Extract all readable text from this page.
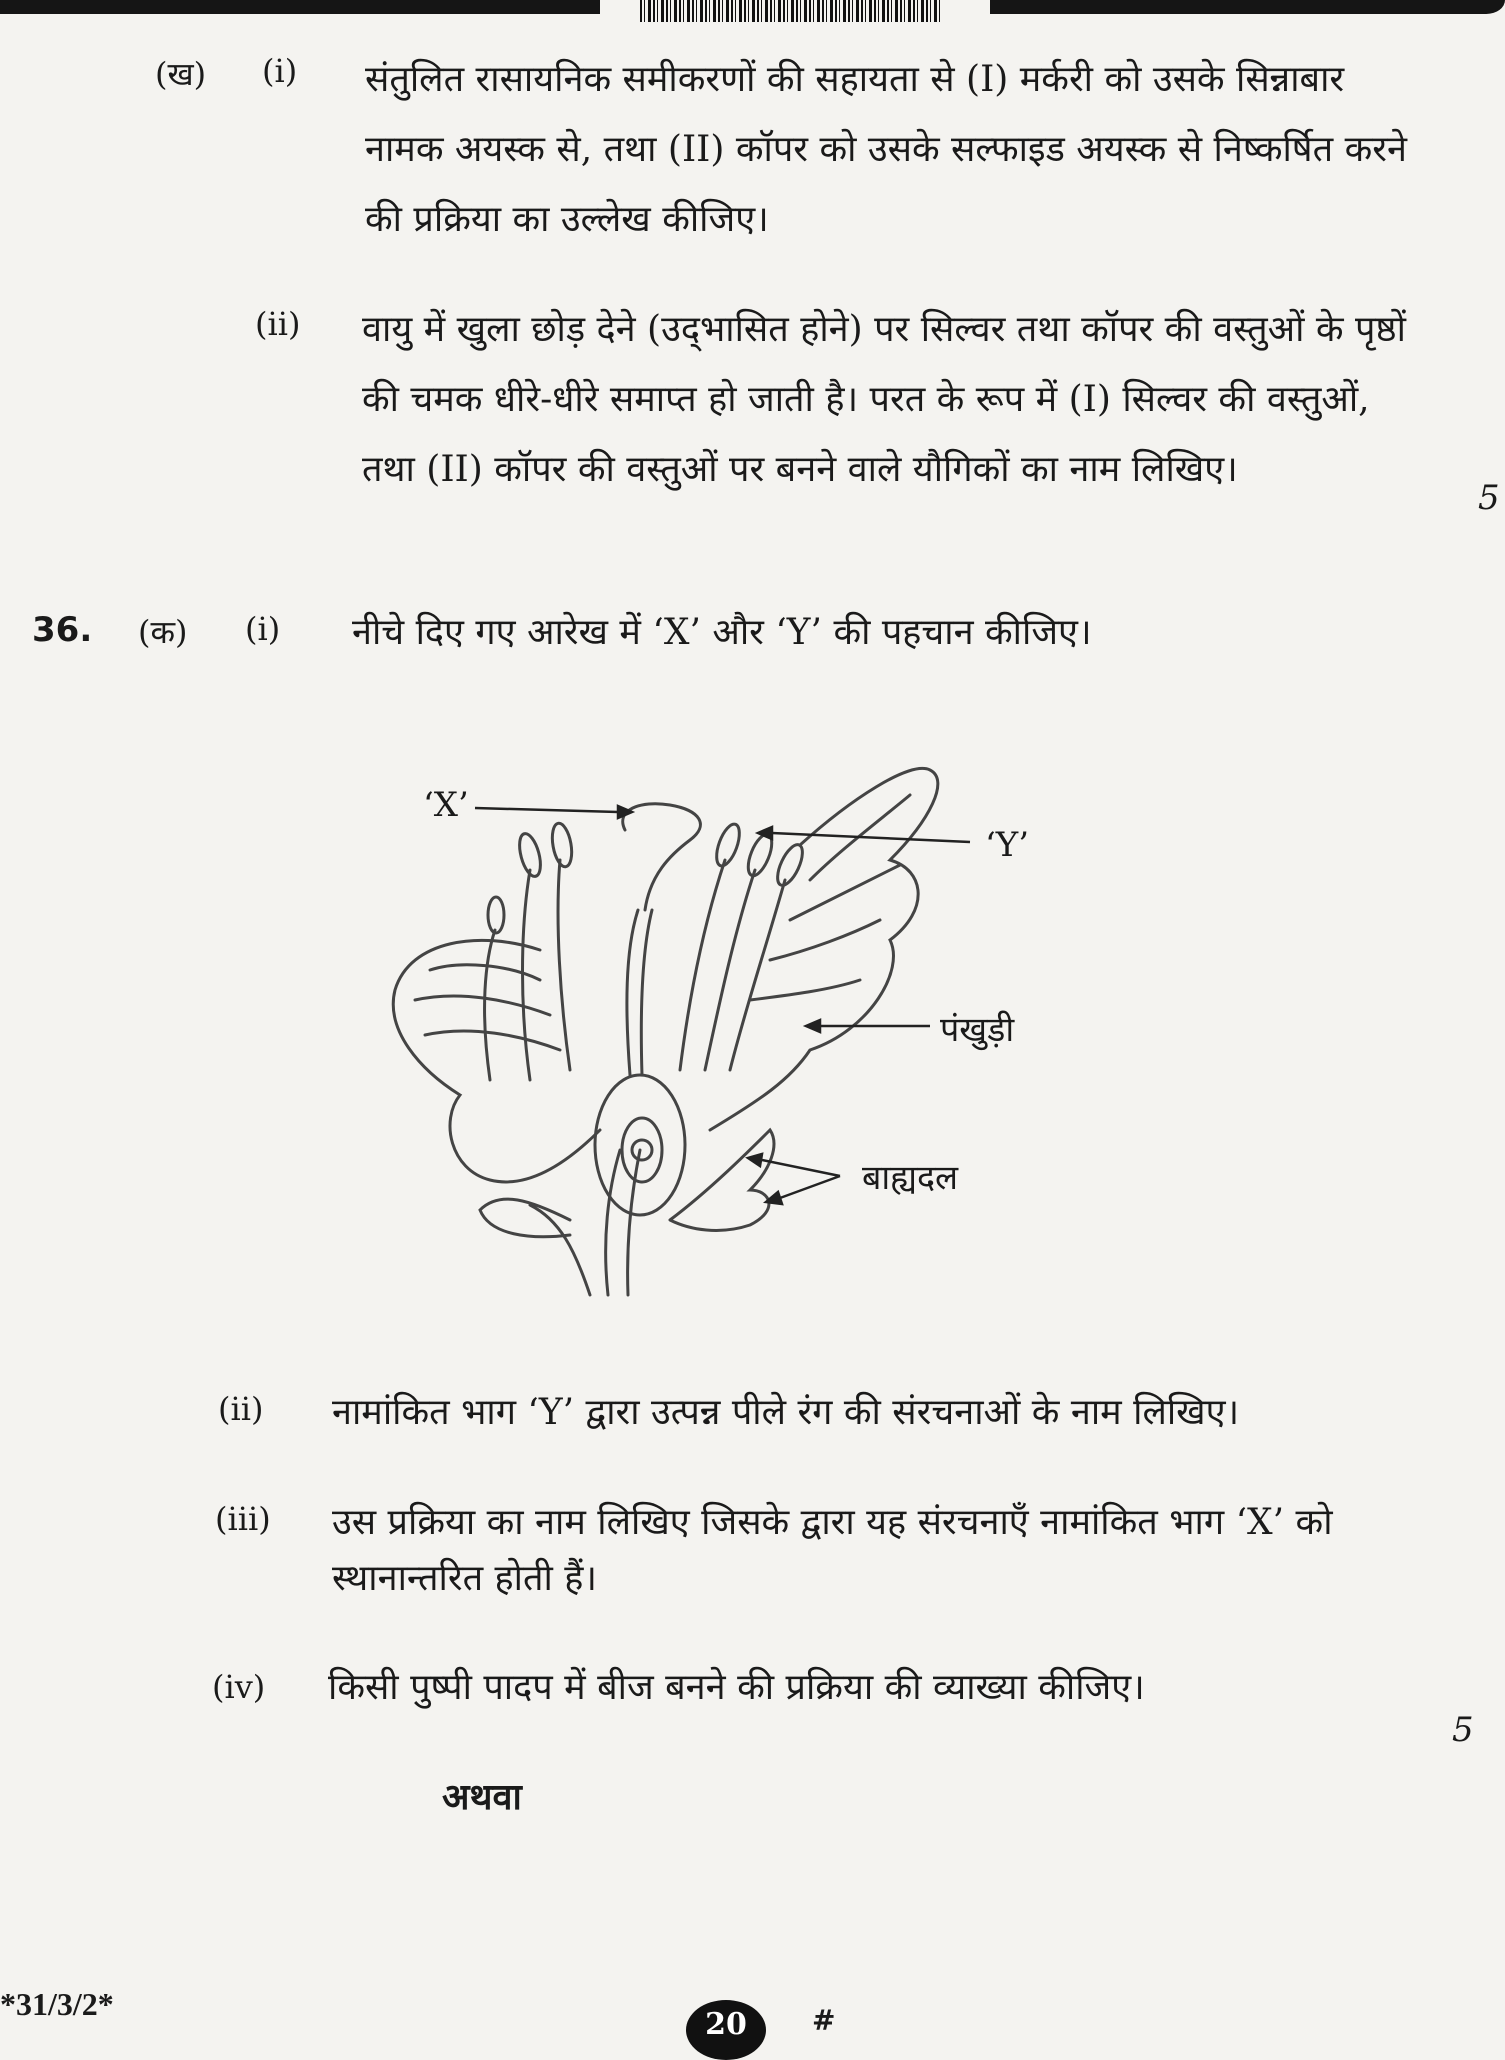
(ख) (i) संतुलित रासायनिक समीकरणों की सहायता से (I) मर्करी को उसके सिन्नाबार
नामक अयस्क से, तथा (II) कॉपर को उसके सल्फाइड अयस्क से निष्कर्षित करने
की प्रक्रिया का उल्लेख कीजिए।
(ii) वायु में खुला छोड़ देने (उद्‌भासित होने) पर सिल्वर तथा कॉपर की वस्तुओं के पृष्ठों
की चमक धीरे-धीरे समाप्त हो जाती है। परत के रूप में (I) सिल्वर की वस्तुओं,
तथा (II) कॉपर की वस्तुओं पर बनने वाले यौगिकों का नाम लिखिए।
5
36. (क) (i) नीचे दिए गए आरेख में ‘X’ और ‘Y’ की पहचान कीजिए।
‘X’
‘Y’
पंखुड़ी
बाह्यदल
(ii) नामांकित भाग ‘Y’ द्वारा उत्पन्न पीले रंग की संरचनाओं के नाम लिखिए।
(iii) उस प्रक्रिया का नाम लिखिए जिसके द्वारा यह संरचनाएँ नामांकित भाग ‘X’ को
स्थानान्तरित होती हैं।
(iv) किसी पुष्पी पादप में बीज बनने की प्रक्रिया की व्याख्या कीजिए।
5
अथवा
*31/3/2*
20	#
